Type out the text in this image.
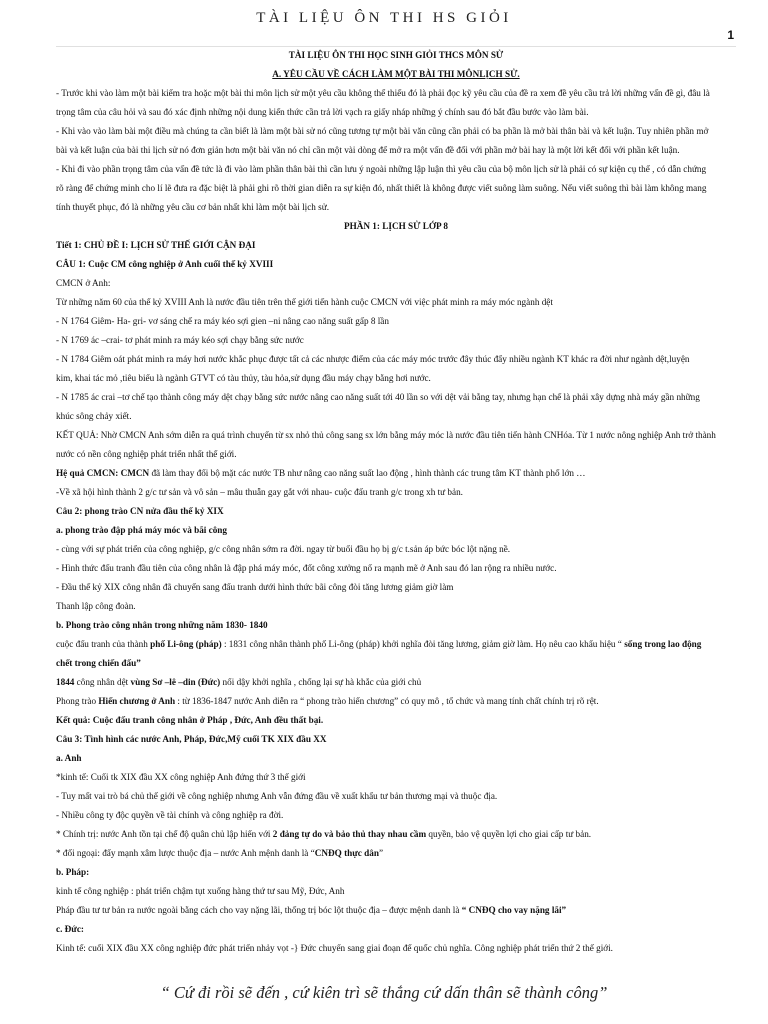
TÀI LIỆU ÔN THI HS GIỎI
1

TÀI LIỆU ÔN THI HỌC SINH GIỎI THCS MÔN SỬ

A. YÊU CẦU VỀ CÁCH LÀM MỘT BÀI THI MÔNLỊCH SỬ.

- Trước khi vào làm một bài kiểm tra hoặc một bài thi môn lịch sử một yêu cầu không thể thiếu đó là phải đọc kỹ yêu cầu của đề ra xem đề yêu cầu trả lời những vấn đề gì, đâu là

trọng tâm của câu hỏi và sau đó xác định những nội dung kiến thức cần trả lời vạch ra giấy nháp những ý chính sau đó bắt đầu bước vào làm bài.

- Khi vào vào làm bài một điều mà chúng ta cần biết là làm một bài sử nó cũng tương tự một bài văn cũng cần phải có ba phần là mở bài thân bài và kết luận. Tuy nhiên phần mở

bài và kết luận của bài thi lịch sử nó đơn giản hơn một bài văn nó chỉ cần một vài dòng để mở ra một vấn đề đối với phần mở bài hay là một lời kết đối với phần kết luận.

- Khi đi vào phần trọng tâm của vấn đề tức là đi vào làm phần thân bài thì cần lưu ý ngoài những lập luận thì yêu cầu của bộ môn lịch sử là phải có sự kiện cụ thể , có dẫn chứng

rõ ràng để chứng minh cho lí lẽ đưa ra đặc biệt là phải ghi rõ thời gian diễn ra sự kiện đó, nhất thiết là không được viết suông làm suông. Nếu viết suông thì bài làm không mang

tính thuyết phục, đó là những yêu cầu cơ bản nhất khi làm một bài lịch sử.

PHẦN 1: LỊCH SỬ LỚP 8

Tiết 1: CHỦ ĐỀ I: LỊCH SỬ THẾ GIỚI CẬN ĐẠI

CÂU 1: Cuộc CM công nghiệp ở Anh cuối thế kỷ XVIII

CMCN ở Anh:

Từ những năm 60 của thế kỷ XVIII Anh là nước đầu tiên trên thế giới tiến hành cuộc CMCN với việc phát minh ra máy móc ngành dệt

- N 1764 Giêm- Ha- gri- vơ sáng chế ra máy kéo sợi gien –ni nâng cao năng suất gấp 8 lần

- N 1769 ác –crai- tơ phát minh ra máy kéo sợi chạy bằng sức nước

- N 1784 Giêm oát phát minh ra máy hơi nước khắc phục được tất cả các nhược điểm của các máy móc trước đây thúc đẩy nhiều ngành KT khác ra đời như ngành dệt,luyện

kim, khai tác mỏ ,tiêu biểu là ngành GTVT có tàu thủy, tàu hỏa,sử dụng đầu máy chạy bằng hơi nước.

- N 1785 ác crai –tơ chế tạo thành công máy dệt chạy bằng sức nước nâng cao năng suất tới 40 lần so với dệt vải bằng tay, nhưng hạn chế là phải xây dựng nhà máy gần những

khúc sông chảy xiết.

KẾT QUẢ: Nhờ CMCN Anh sớm diễn ra quá trình chuyển từ sx nhỏ thủ công sang sx lớn bằng máy móc là nước đầu tiên tiến hành CNHóa. Từ 1 nước nông nghiệp Anh trở thành

nước có nền công nghiệp phát triển nhất thế giới.

Hệ quả CMCN: CMCN đã làm thay đổi bộ mặt các nước TB như nâng cao năng suất lao động , hình thành các trung tâm KT thành phố lớn …

-Về xã hội hình thành 2 g/c tư sản và vô sản – mâu thuẫn gay gắt với nhau- cuộc đấu tranh g/c trong xh tư bản.

Câu 2: phong trào CN nửa đầu thế kỷ XIX

a. phong trào đập phá máy móc và bãi công

- cùng với sự phát triển của công nghiệp, g/c công nhân sớm ra đời. ngay từ buổi đầu họ bị g/c t.sản áp bức bóc lột nặng nề.

- Hình thức đấu tranh đầu tiên của công nhân là đập phá máy móc, đốt công xưởng nổ ra mạnh mẽ ở Anh sau đó lan rộng ra nhiều nước.

- Đầu thế kỷ XIX công nhân đã chuyển sang đấu tranh dưới hình thức bãi công đòi tăng lương giảm giờ làm

Thanh lập công đoàn.

b. Phong trào công nhân trong những năm 1830- 1840

cuộc đấu tranh của thành phố Li-ông (pháp) : 1831 công nhân thành phố Li-ông (pháp) khởi nghĩa đòi tăng lương, giảm giờ làm. Họ nêu cao khẩu hiệu “ sống trong lao động

chết trong chiến đấu”

1844 công nhân dệt vùng Sơ –lê –din (Đức) nổi dậy khởi nghĩa , chống lại sự hà khắc của giới chủ

Phong trào Hiến chương ở Anh : từ 1836-1847 nước Anh diễn ra “ phong trào hiến chương” có quy mô , tổ chức và mang tính chất chính trị rõ rệt.

Kết quả: Cuộc đấu tranh công nhân ở Pháp , Đức, Anh đều thất bại.

Câu 3: Tình hình các nước Anh, Pháp, Đức,Mỹ cuối TK XIX đầu XX

a. Anh

*kinh tế: Cuối tk XIX đầu XX công nghiệp Anh đứng thứ 3 thế giới

- Tuy mất vai trò bá chủ thế giới về công nghiệp nhưng Anh vẫn đứng đầu về xuất khẩu tư bản thương mại và thuộc địa.

- Nhiều công ty độc quyền về tài chính và công nghiệp ra đời.

* Chính trị: nước Anh tồn tại chế độ quân chủ lập hiến với 2 đảng tự do và bảo thủ thay nhau cầm quyền, bảo vệ quyền lợi cho giai cấp tư bản.

* đối ngoại: đẩy mạnh xâm lược thuộc địa – nước Anh mệnh danh là “CNĐQ thực dân”

b. Pháp:

kinh tế công nghiệp : phát triển chậm tụt xuống hàng thứ tư sau Mỹ, Đức, Anh

Pháp đầu tư tư bản ra nước ngoài bằng cách cho vay nặng lãi, thống trị bóc lột thuộc địa – được mệnh danh là “ CNĐQ cho vay nặng lãi”

c. Đức:

Kinh tế: cuối XIX đầu XX công nghiệp đức phát triển nhảy vọt -} Đức chuyển sang giai đoạn đế quốc chủ nghĩa. Công nghiệp phát triển thứ 2 thế giới.

“ Cứ đi rồi sẽ đến , cứ kiên trì sẽ thắng cứ dấn thân sẽ thành công”
